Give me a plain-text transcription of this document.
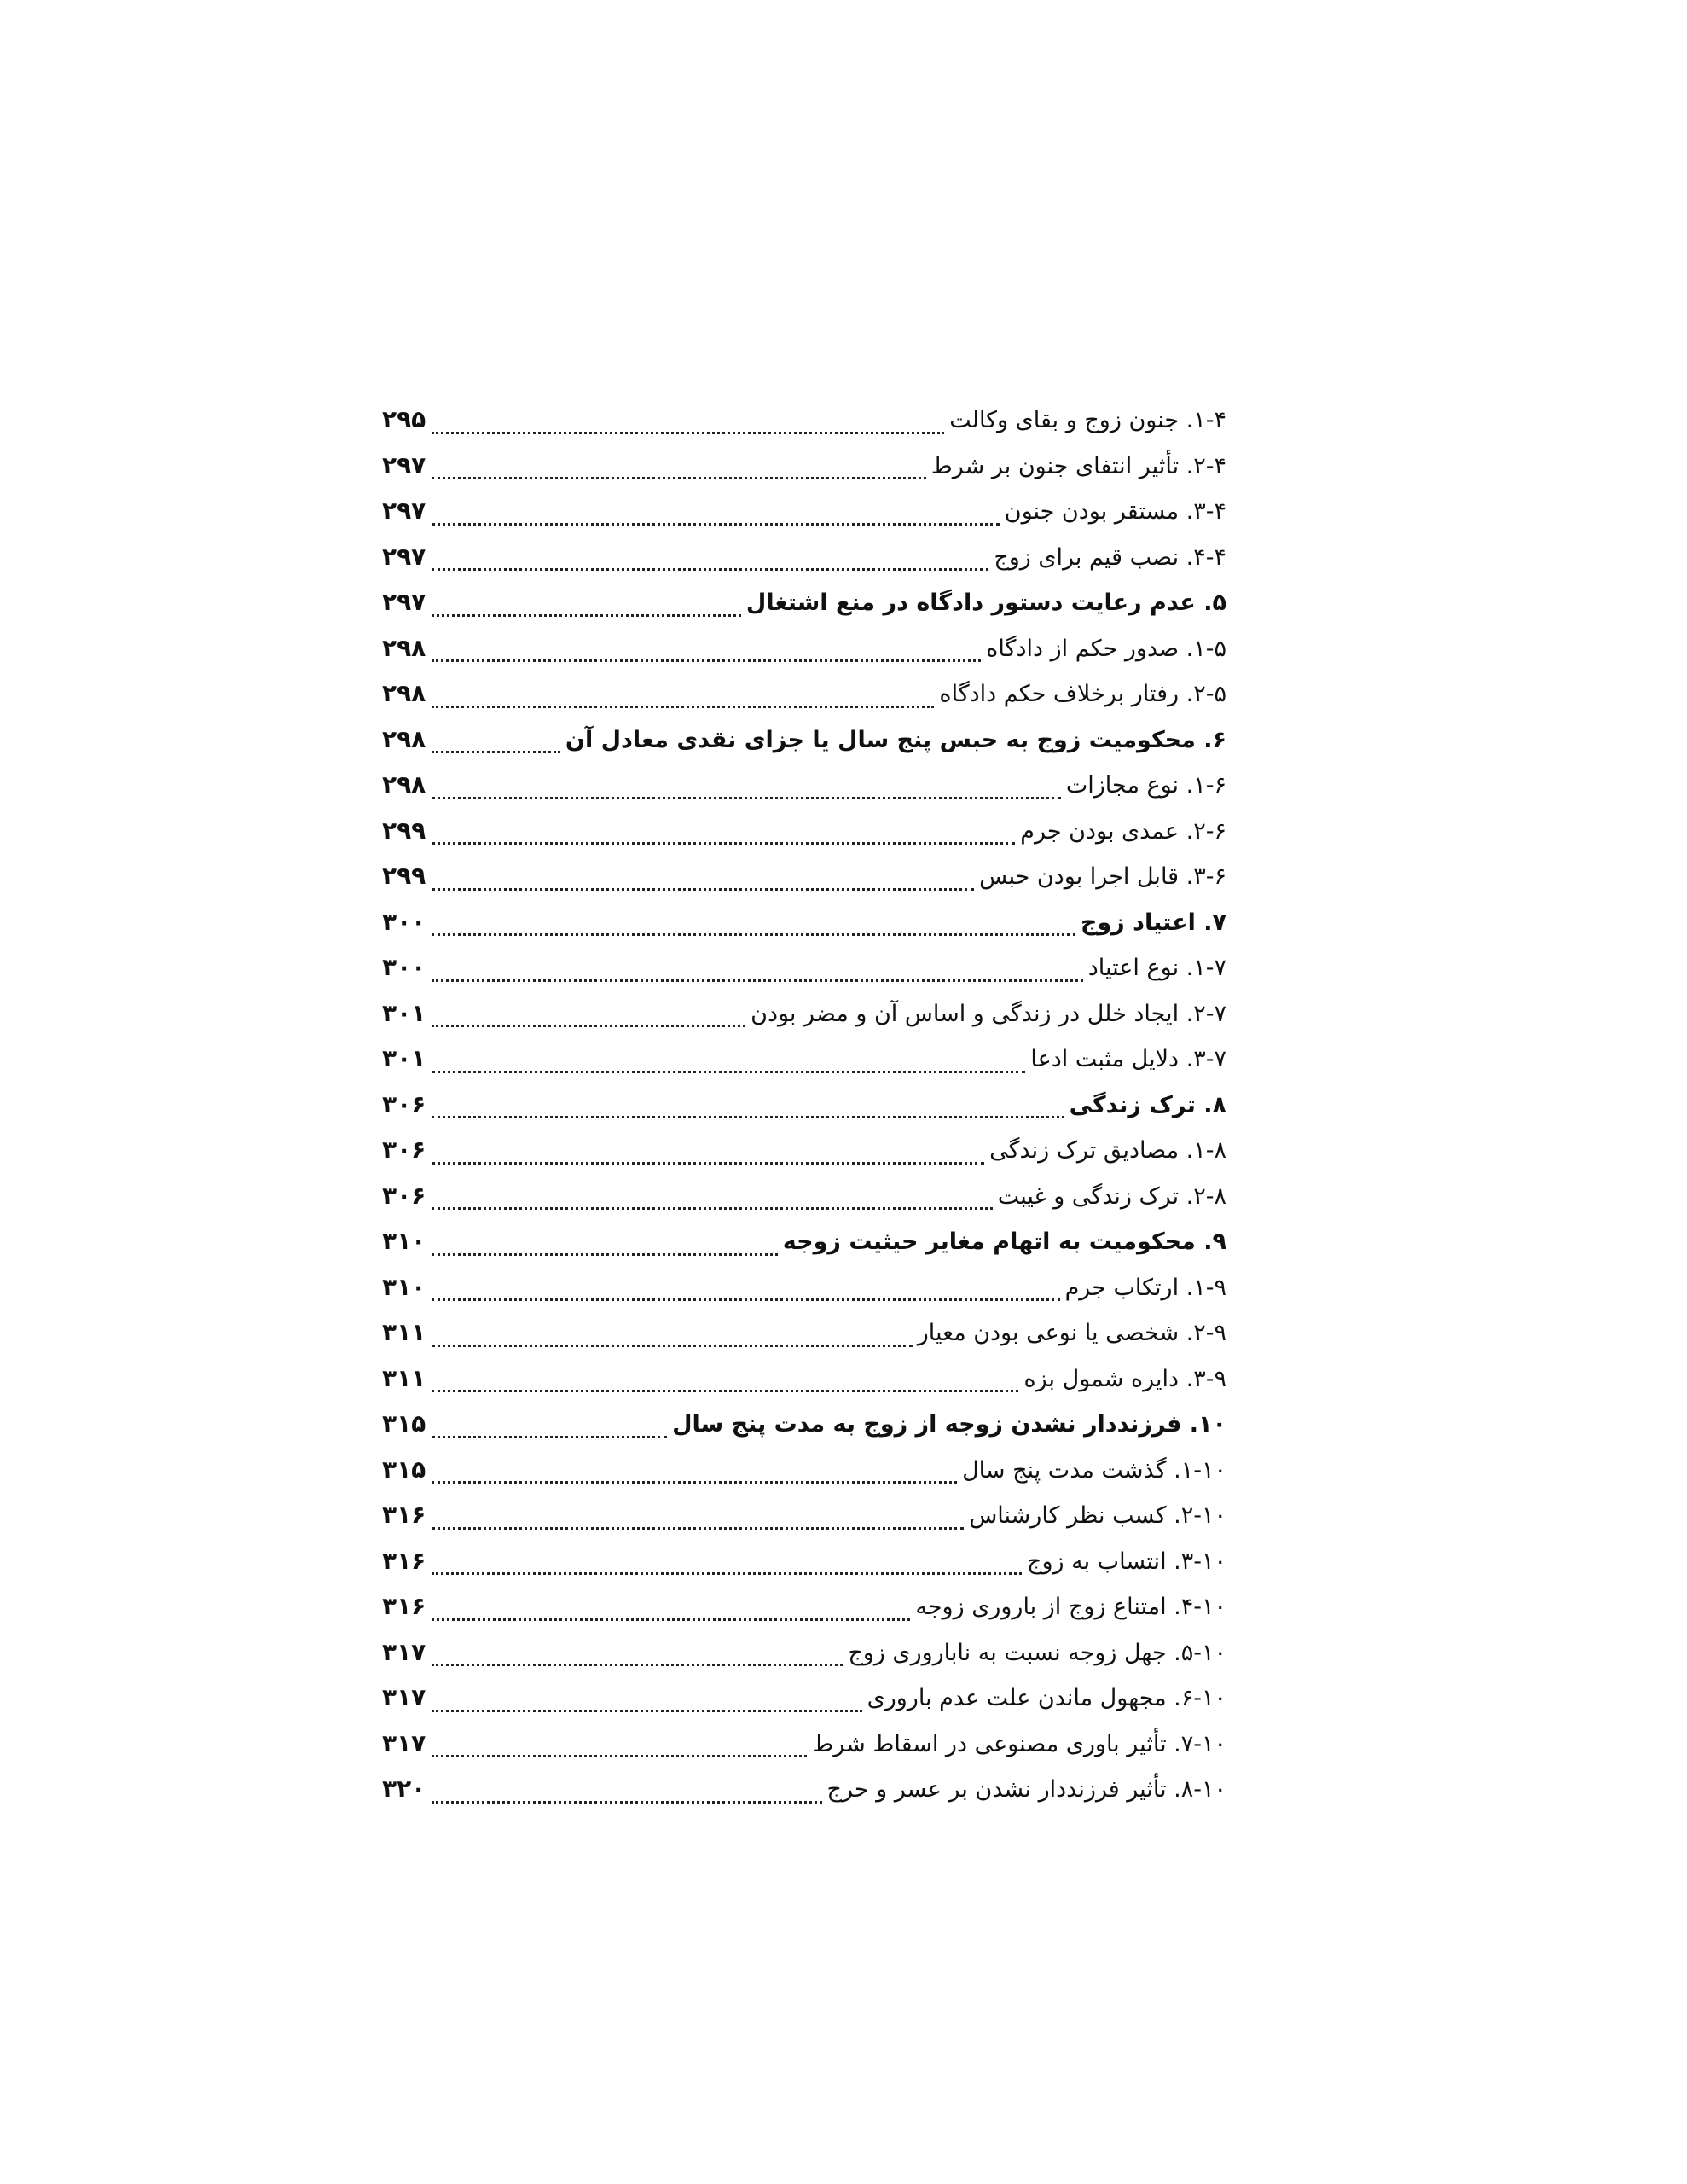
۱-۴. جنون زوج و بقای وکالت
۲۹۵
۲-۴. تأثیر انتفای جنون بر شرط
۲۹۷
۳-۴. مستقر بودن جنون
۲۹۷
۴-۴. نصب قیم برای زوج
۲۹۷
۵. عدم رعایت دستور دادگاه در منع اشتغال
۲۹۷
۱-۵. صدور حکم از دادگاه
۲۹۸
۲-۵. رفتار برخلاف حکم دادگاه
۲۹۸
۶. محکومیت زوج به حبس پنج سال یا جزای نقدی معادل آن
۲۹۸
۱-۶. نوع مجازات
۲۹۸
۲-۶. عمدی بودن جرم
۲۹۹
۳-۶. قابل اجرا بودن حبس
۲۹۹
۷. اعتیاد زوج
۳۰۰
۱-۷. نوع اعتیاد
۳۰۰
۲-۷. ایجاد خلل در زندگی و اساس آن و مضر بودن
۳۰۱
۳-۷. دلایل مثبت ادعا
۳۰۱
۸. ترک زندگی
۳۰۶
۱-۸. مصادیق ترک زندگی
۳۰۶
۲-۸. ترک زندگی و غیبت
۳۰۶
۹. محکومیت به اتهام مغایر حیثیت زوجه
۳۱۰
۱-۹. ارتکاب جرم
۳۱۰
۲-۹. شخصی یا نوعی بودن معیار
۳۱۱
۳-۹. دایره شمول بزه
۳۱۱
۱۰. فرزنددار نشدن زوجه از زوج به مدت پنج سال
۳۱۵
۱-۱۰. گذشت مدت پنج سال
۳۱۵
۲-۱۰. کسب نظر کارشناس
۳۱۶
۳-۱۰. انتساب به زوج
۳۱۶
۴-۱۰. امتناع زوج از باروری زوجه
۳۱۶
۵-۱۰. جهل زوجه نسبت به ناباروری زوج
۳۱۷
۶-۱۰. مجهول ماندن علت عدم باروری
۳۱۷
۷-۱۰. تأثیر باوری مصنوعی در اسقاط شرط
۳۱۷
۸-۱۰. تأثیر فرزنددار نشدن بر عسر و حرج
۳۲۰
